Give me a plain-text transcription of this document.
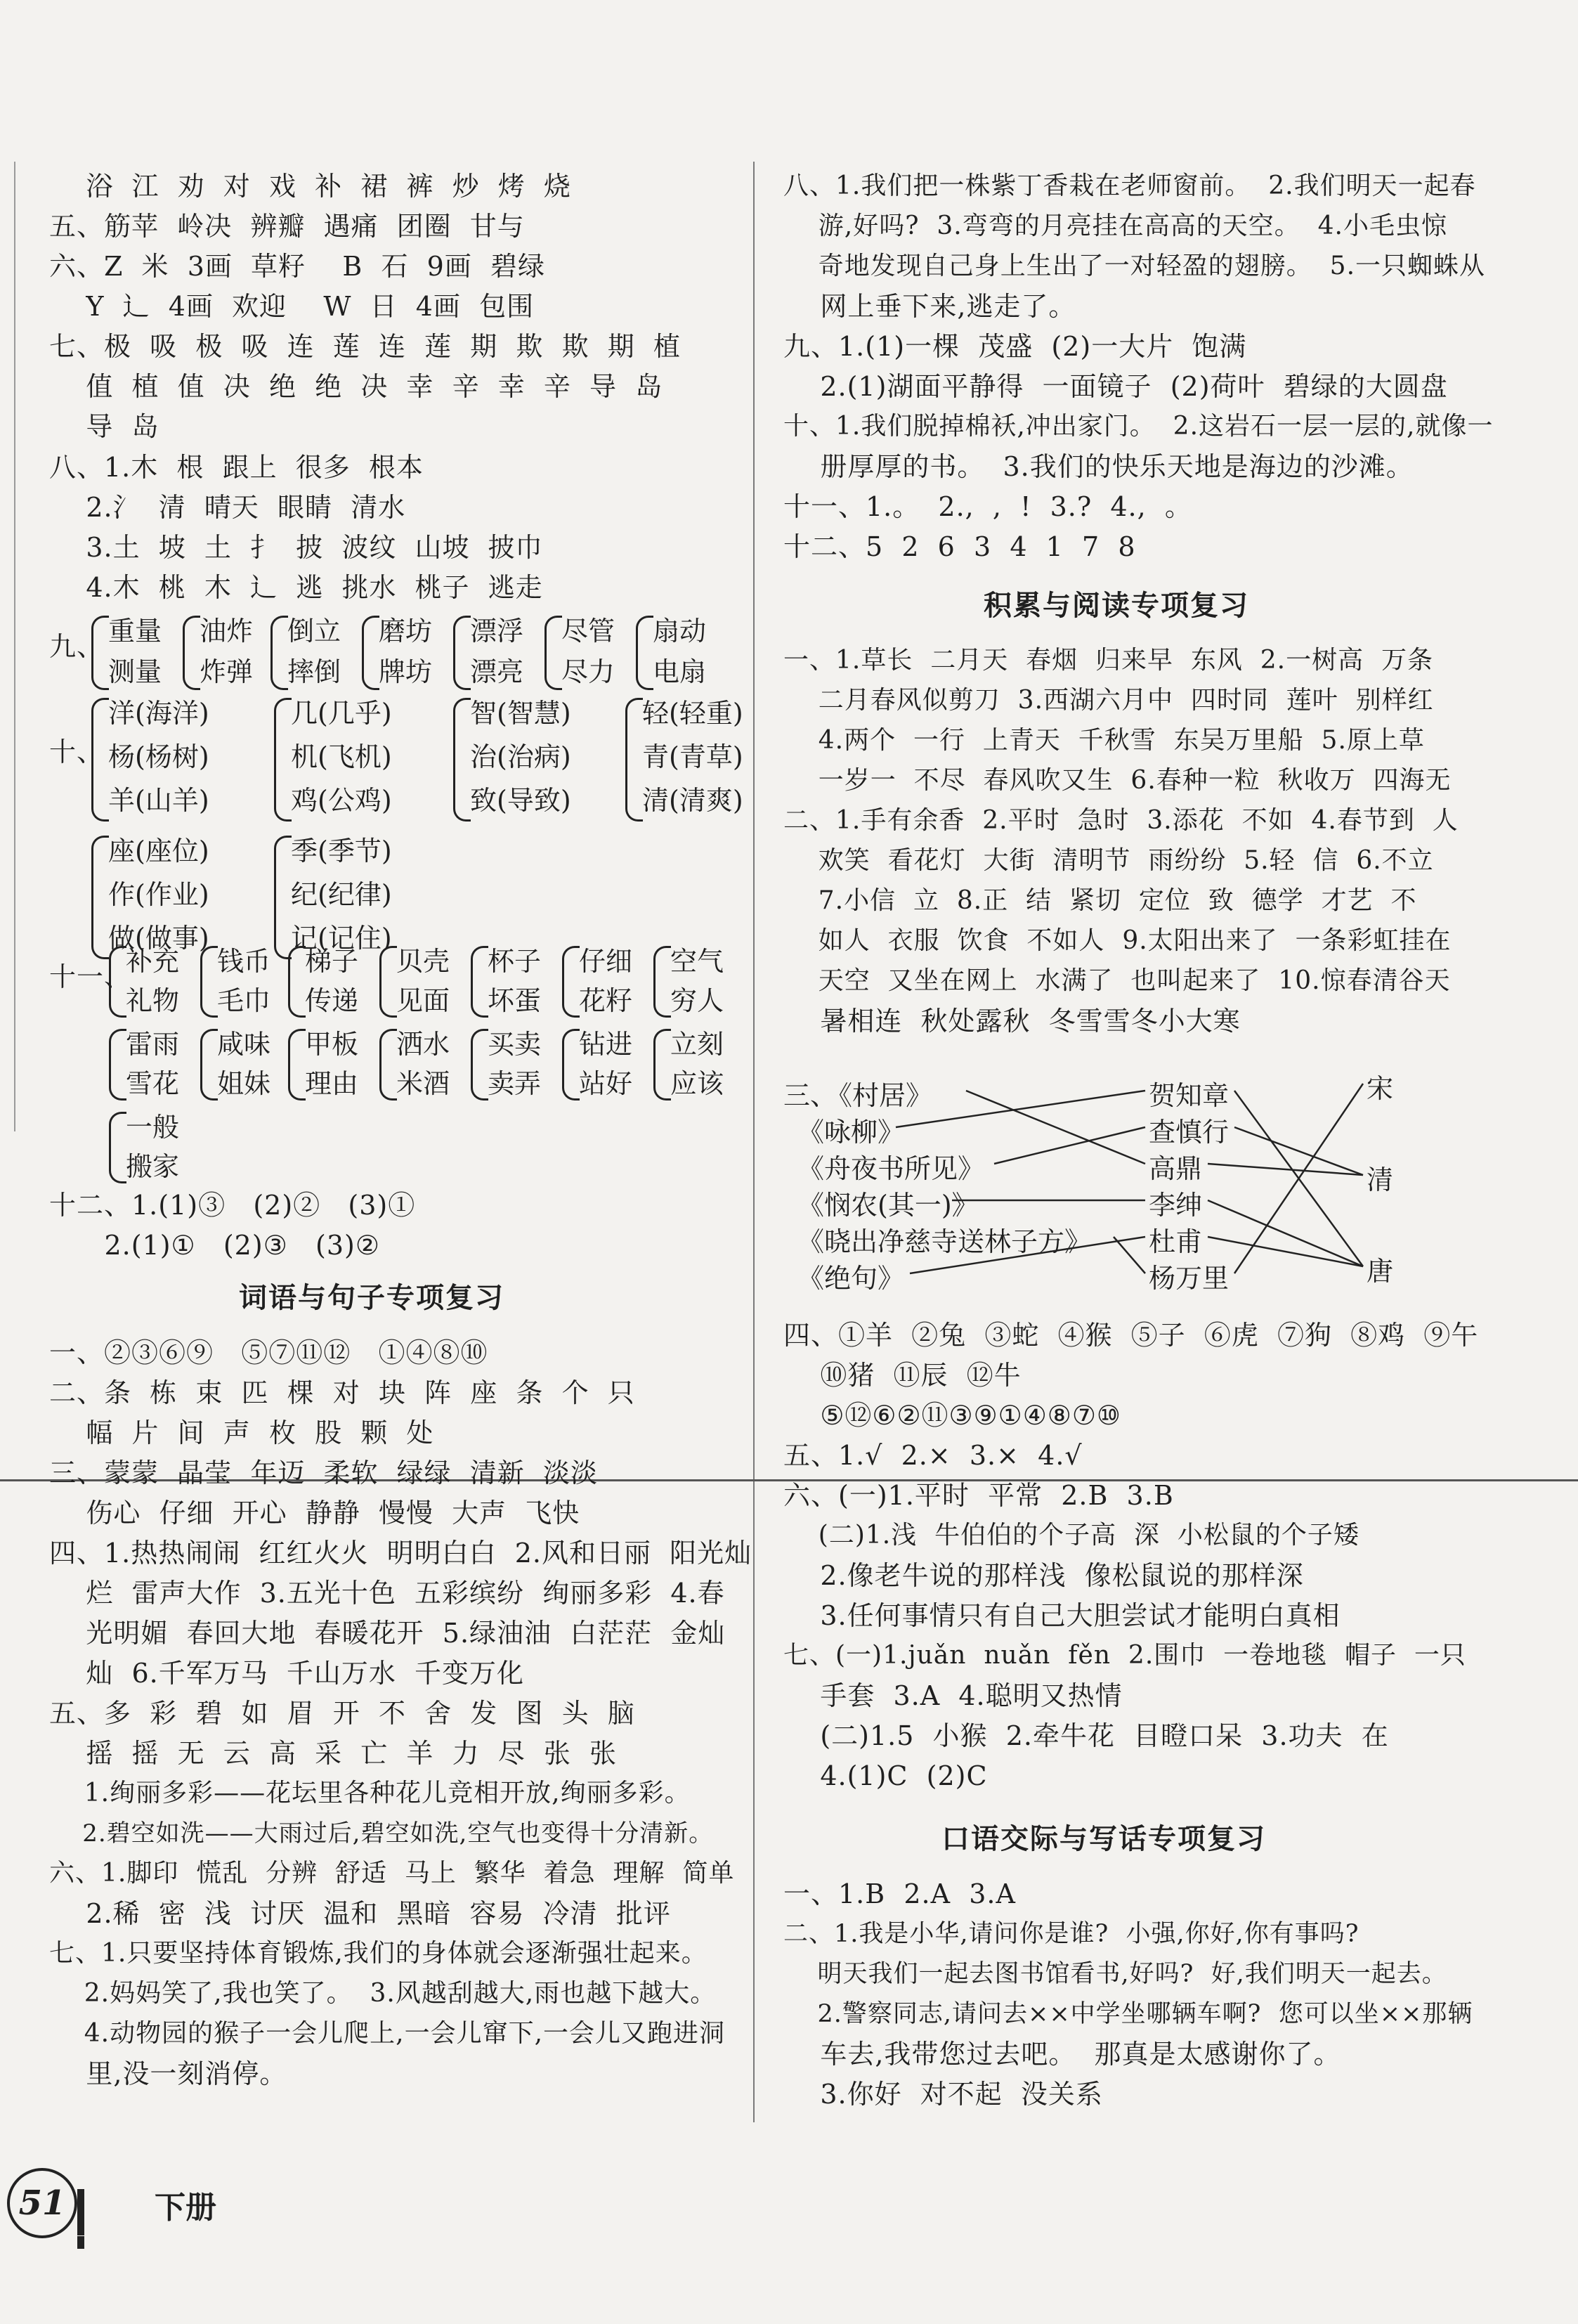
浴  江  劝  对  戏  补  裙  裤  炒  烤  烧
五、筋苹  岭决  辨瓣  遇痛  团圈  甘与
六、Z  米  3画  草籽    B  石  9画  碧绿
Y  辶  4画  欢迎    W  日  4画  包围
七、极  吸  极  吸  连  莲  连  莲  期  欺  欺  期  植
值  植  值  决  绝  绝  决  幸  辛  幸  辛  导  岛
导  岛
八、1.木  根  跟上  很多  根本
2.氵  清  晴天  眼睛  清水
3.土  坡  土  扌  披  波纹  山坡  披巾
4.木  桃  木  辶  逃  挑水  桃子  逃走
九、 重量
测量
油炸
炸弹
倒立
摔倒
磨坊
牌坊
漂浮
漂亮
尽管
尽力
扇动
电扇
十、
洋(海洋)
杨(杨树)
羊(山羊)
几(几乎)
机(飞机)
鸡(公鸡)
智(智慧)
治(治病)
致(导致)
轻(轻重)
青(青草)
清(清爽)
座(座位)
作(作业)
做(做事)
季(季节)
纪(纪律)
记(记住)
十一、
补充
礼物
钱币
毛巾
梯子
传递
贝壳
见面
杯子
坏蛋
仔细
花籽
空气
穷人
雷雨
雪花
咸味
姐妹
甲板
理由
洒水
米酒
买卖
卖弄
钻进
站好
立刻
应该
一般
搬家
十二、1.(1)③   (2)②   (3)①
2.(1)①   (2)③   (3)②
词语与句子专项复习
一、②③⑥⑨   ⑤⑦⑪⑫   ①④⑧⑩
二、条  栋  束  匹  棵  对  块  阵  座  条  个  只
幅  片  间  声  枚  股  颗  处
三、蒙蒙  晶莹  年迈  柔软  绿绿  清新  淡淡
伤心  仔细  开心  静静  慢慢  大声  飞快
四、1.热热闹闹  红红火火  明明白白  2.风和日丽  阳光灿
烂  雷声大作  3.五光十色  五彩缤纷  绚丽多彩  4.春
光明媚  春回大地  春暖花开  5.绿油油  白茫茫  金灿
灿  6.千军万马  千山万水  千变万化
五、多  彩  碧  如  眉  开  不  舍  发  图  头  脑
摇  摇  无  云  高  采  亡  羊  力  尽  张  张
1.绚丽多彩——花坛里各种花儿竞相开放,绚丽多彩。
2.碧空如洗——大雨过后,碧空如洗,空气也变得十分清新。
六、1.脚印  慌乱  分辨  舒适  马上  繁华  着急  理解  简单
2.稀  密  浅  讨厌  温和  黑暗  容易  冷清  批评
七、1.只要坚持体育锻炼,我们的身体就会逐渐强壮起来。
2.妈妈笑了,我也笑了。  3.风越刮越大,雨也越下越大。
4.动物园的猴子一会儿爬上,一会儿窜下,一会儿又跑进洞
里,没一刻消停。
八、1.我们把一株紫丁香栽在老师窗前。  2.我们明天一起春
游,好吗?  3.弯弯的月亮挂在高高的天空。  4.小毛虫惊
奇地发现自己身上生出了一对轻盈的翅膀。  5.一只蜘蛛从
网上垂下来,逃走了。
九、1.(1)一棵  茂盛  (2)一大片  饱满
2.(1)湖面平静得  一面镜子  (2)荷叶  碧绿的大圆盘
十、1.我们脱掉棉袄,冲出家门。  2.这岩石一层一层的,就像一
册厚厚的书。  3.我们的快乐天地是海边的沙滩。
十一、1.。  2.,  ,  !  3.?  4.,  。
十二、5  2  6  3  4  1  7  8
积累与阅读专项复习
一、1.草长  二月天  春烟  归来早  东风  2.一树高  万条
二月春风似剪刀  3.西湖六月中  四时同  莲叶  别样红
4.两个  一行  上青天  千秋雪  东吴万里船  5.原上草
一岁一  不尽  春风吹又生  6.春种一粒  秋收万  四海无
二、1.手有余香  2.平时  急时  3.添花  不如  4.春节到  人
欢笑  看花灯  大街  清明节  雨纷纷  5.轻  信  6.不立
7.小信  立  8.正  结  紧切  定位  致  德学  才艺  不
如人  衣服  饮食  不如人  9.太阳出来了  一条彩虹挂在
天空  又坐在网上  水满了  也叫起来了  10.惊春清谷天
暑相连  秋处露秋  冬雪雪冬小大寒
三、
《村居》
《咏柳》
《舟夜书所见》
《悯农(其一)》
《晓出净慈寺送林子方》
《绝句》
贺知章
查慎行
高鼎
李绅
杜甫
杨万里
宋
清
唐
四、①羊  ②兔  ③蛇  ④猴  ⑤子  ⑥虎  ⑦狗  ⑧鸡  ⑨午
⑩猪  ⑪辰  ⑫牛
⑤⑫⑥②⑪③⑨①④⑧⑦⑩
五、1.√  2.×  3.×  4.√
六、(一)1.平时  平常  2.B  3.B
(二)1.浅  牛伯伯的个子高  深  小松鼠的个子矮
2.像老牛说的那样浅  像松鼠说的那样深
3.任何事情只有自己大胆尝试才能明白真相
七、(一)1.juǎn  nuǎn  fěn  2.围巾  一卷地毯  帽子  一只
手套  3.A  4.聪明又热情
(二)1.5  小猴  2.牵牛花  目瞪口呆  3.功夫  在
4.(1)C  (2)C
口语交际与写话专项复习
一、1.B  2.A  3.A
二、1.我是小华,请问你是谁?  小强,你好,你有事吗?
明天我们一起去图书馆看书,好吗?  好,我们明天一起去。
2.警察同志,请问去××中学坐哪辆车啊?  您可以坐××那辆
车去,我带您过去吧。  那真是太感谢你了。
3.你好  对不起  没关系
51	下册
